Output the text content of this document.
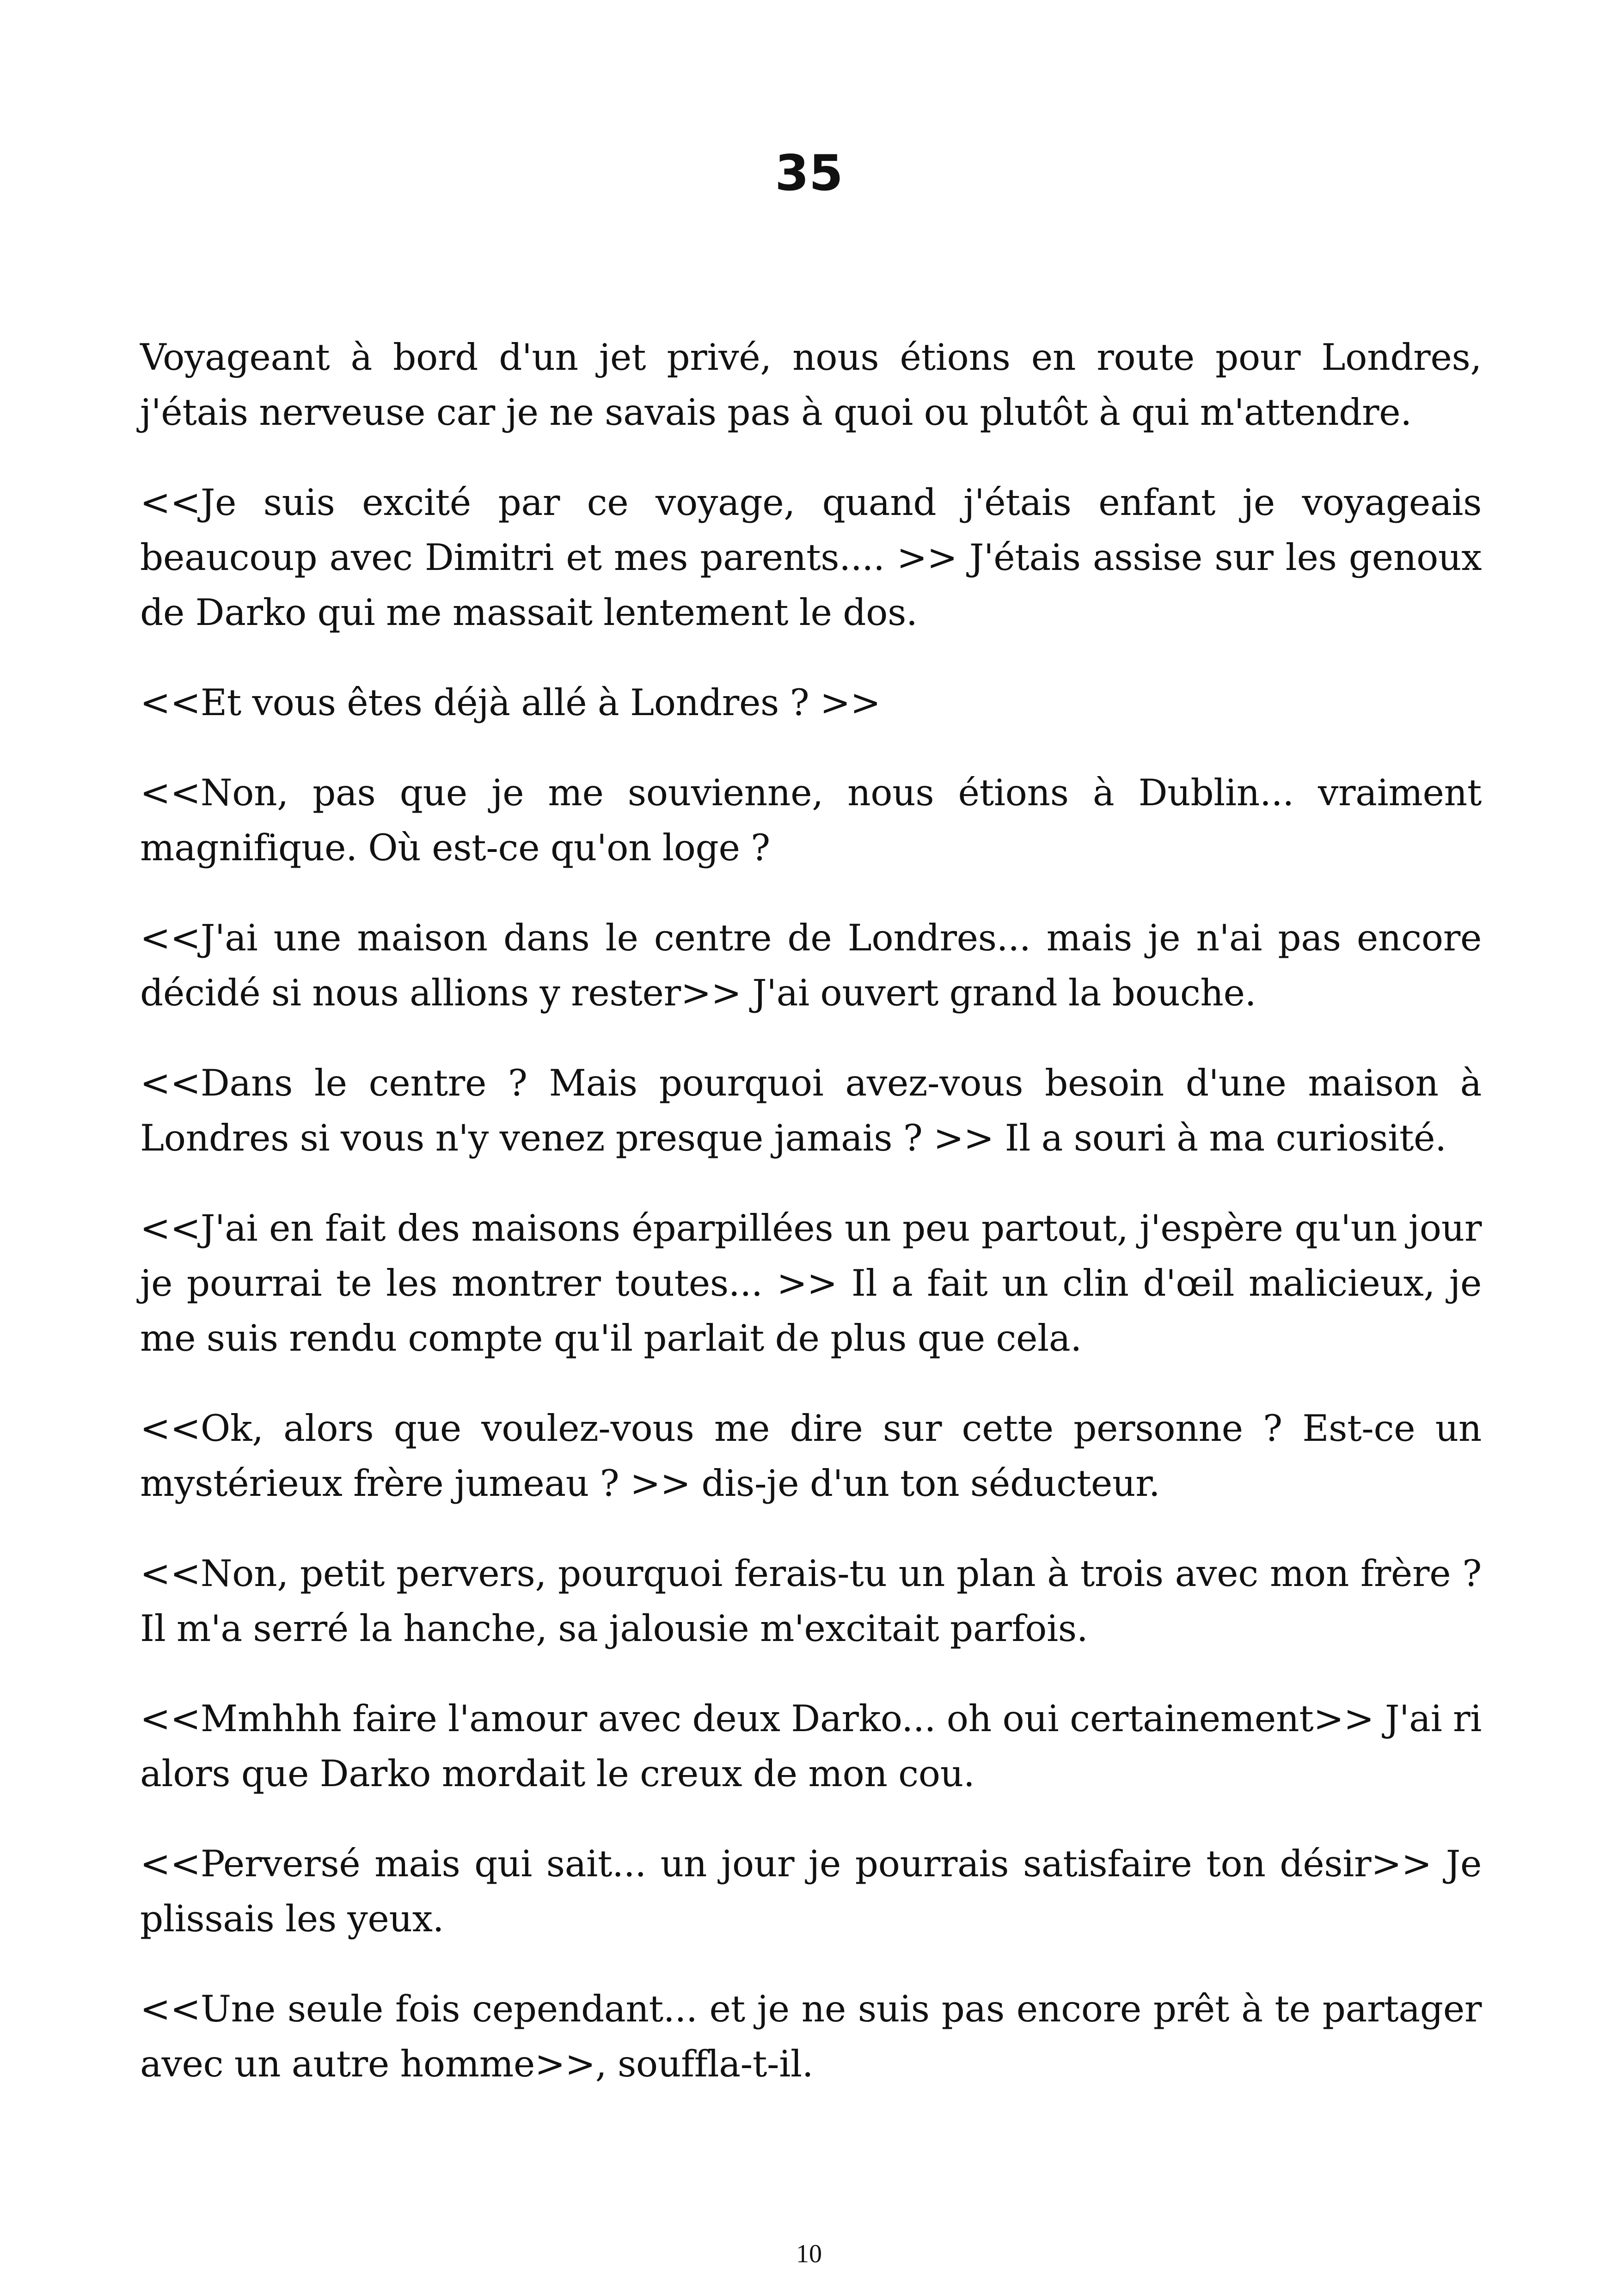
35

Voyageant à bord d'un jet privé, nous étions en route pour Londres, j'étais nerveuse car je ne savais pas à quoi ou plutôt à qui m'attendre.

<<Je suis excité par ce voyage, quand j'étais enfant je voyageais beaucoup avec Dimitri et mes parents.... >> J'étais assise sur les genoux de Darko qui me massait lentement le dos.

<<Et vous êtes déjà allé à Londres ? >>

<<Non, pas que je me souvienne, nous étions à Dublin... vraiment magnifique. Où est-ce qu'on loge ?

<<J'ai une maison dans le centre de Londres... mais je n'ai pas encore décidé si nous allions y rester>> J'ai ouvert grand la bouche.

<<Dans le centre ? Mais pourquoi avez-vous besoin d'une maison à Londres si vous n'y venez presque jamais ? >> Il a souri à ma curiosité.

<<J'ai en fait des maisons éparpillées un peu partout, j'espère qu'un jour je pourrai te les montrer toutes... >> Il a fait un clin d'œil malicieux, je me suis rendu compte qu'il parlait de plus que cela.

<<Ok, alors que voulez-vous me dire sur cette personne ? Est-ce un mystérieux frère jumeau ? >> dis-je d'un ton séducteur.

<<Non, petit pervers, pourquoi ferais-tu un plan à trois avec mon frère ? Il m'a serré la hanche, sa jalousie m'excitait parfois.

<<Mmhhh faire l'amour avec deux Darko... oh oui certainement>> J'ai ri alors que Darko mordait le creux de mon cou.

<<Perversé mais qui sait... un jour je pourrais satisfaire ton désir>> Je plissais les yeux.

<<Une seule fois cependant... et je ne suis pas encore prêt à te partager avec un autre homme>>, souffla-t-il.

10
